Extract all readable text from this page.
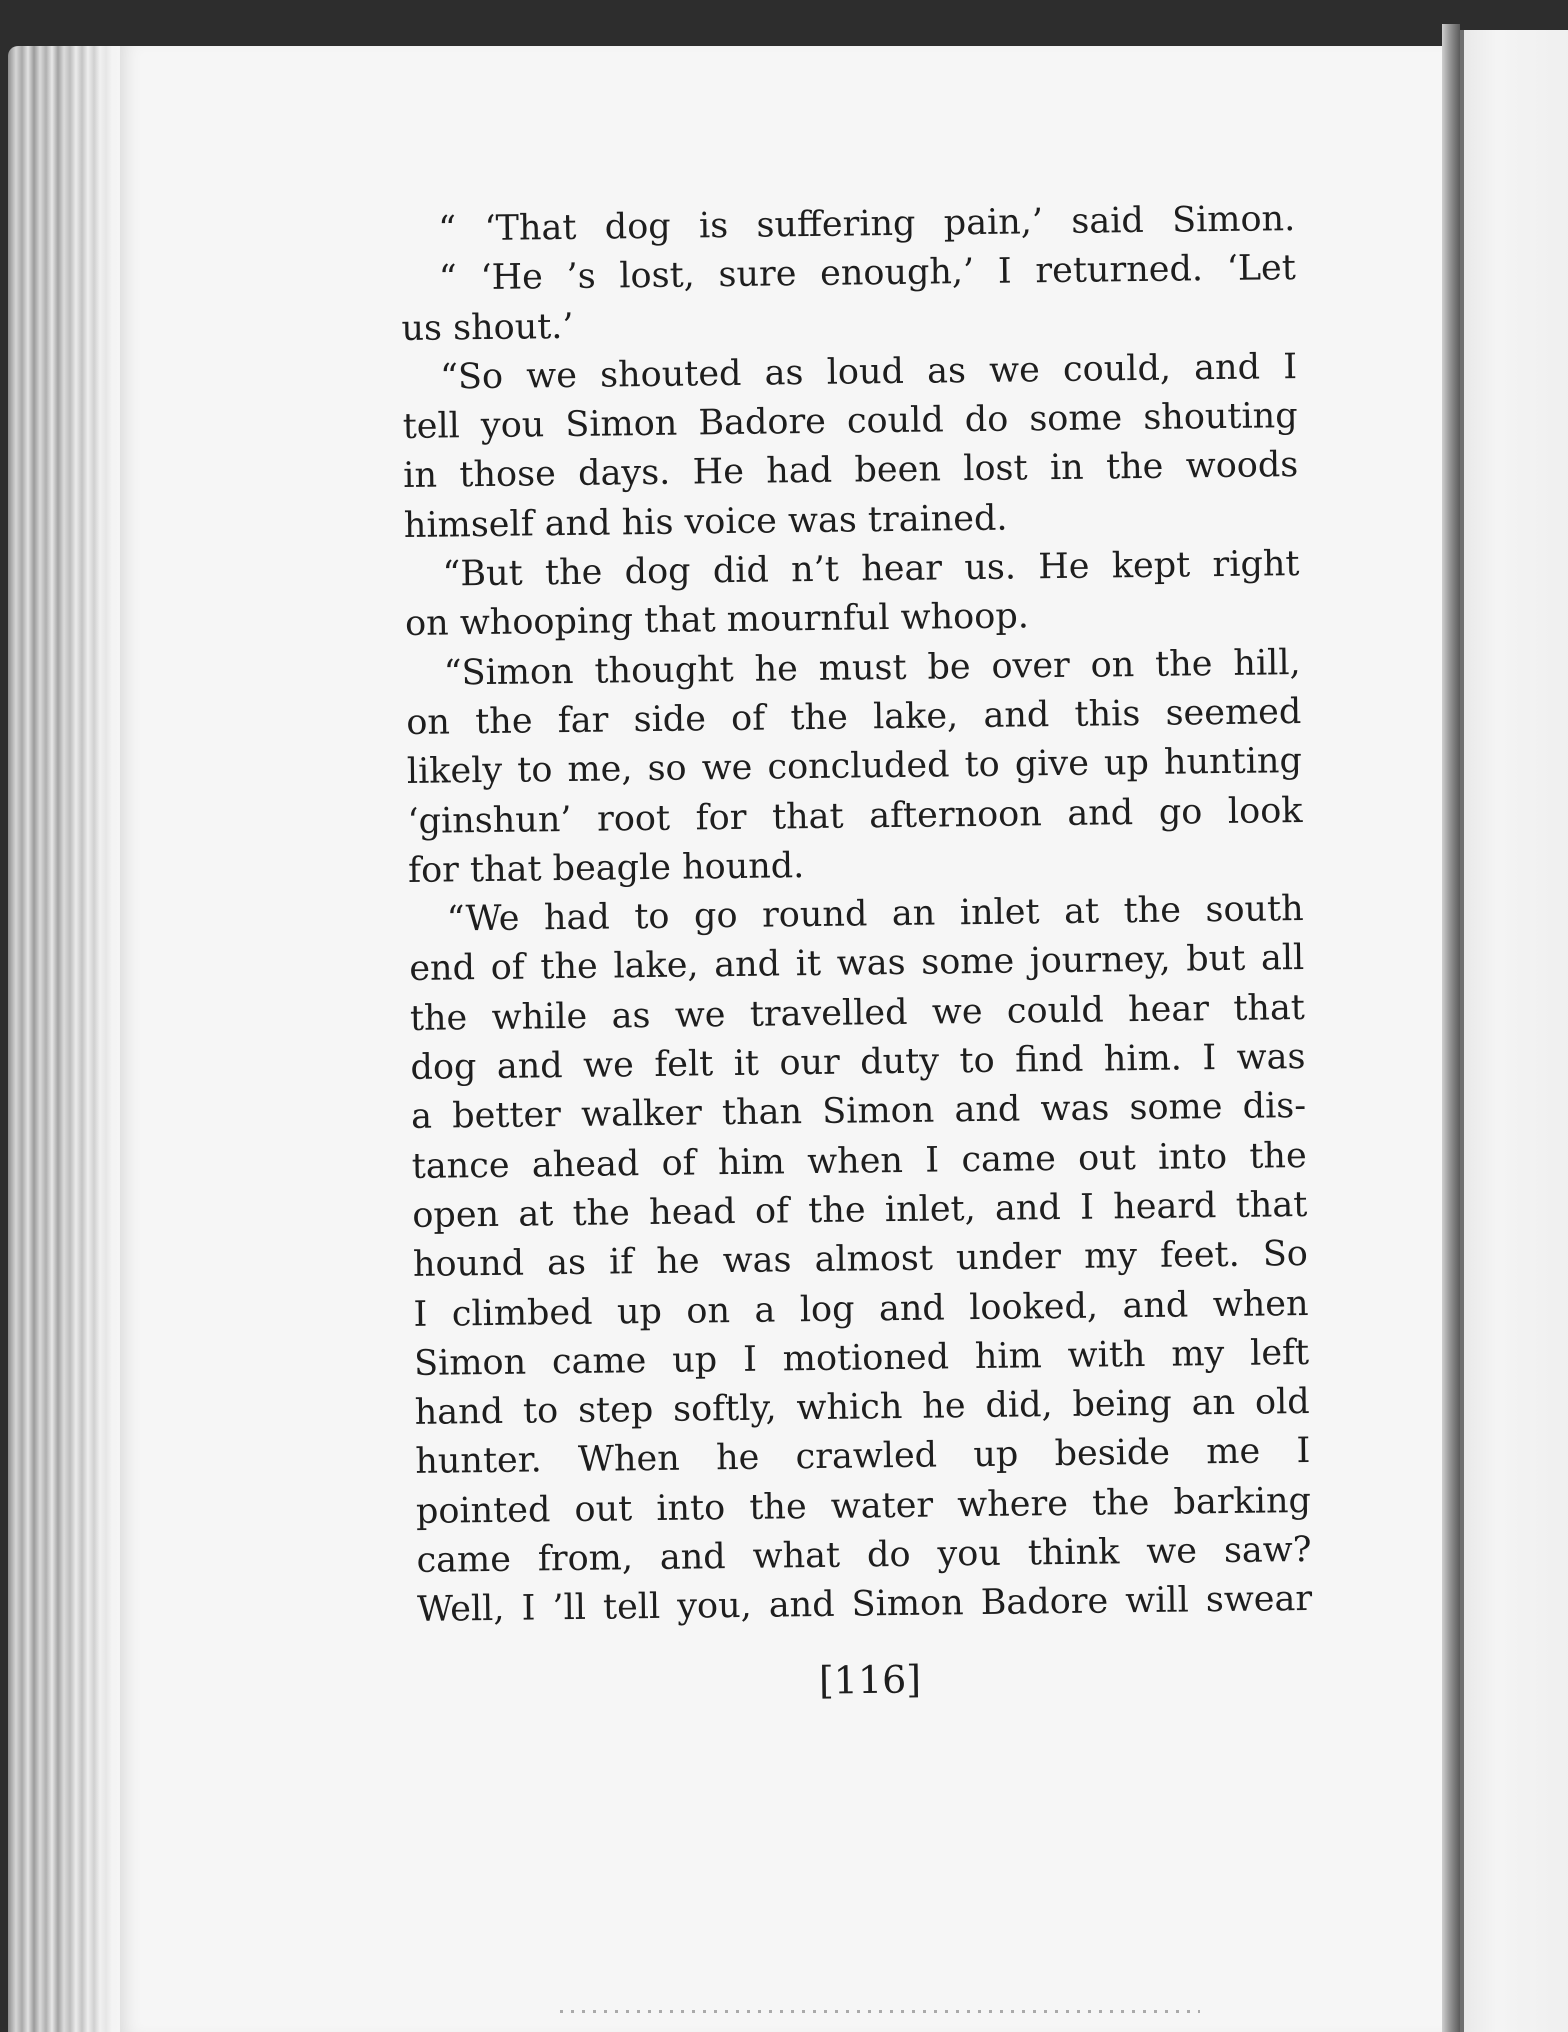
“ ‘That dog is suffering pain,’ said Simon.
“ ‘He ’s lost, sure enough,’ I returned. ‘Let
us shout.’
“So we shouted as loud as we could, and I
tell you Simon Badore could do some shouting
in those days. He had been lost in the woods
himself and his voice was trained.
“But the dog did n’t hear us. He kept right
on whooping that mournful whoop.
“Simon thought he must be over on the hill,
on the far side of the lake, and this seemed
likely to me, so we concluded to give up hunting
‘ginshun’ root for that afternoon and go look
for that beagle hound.
“We had to go round an inlet at the south
end of the lake, and it was some journey, but all
the while as we travelled we could hear that
dog and we felt it our duty to find him. I was
a better walker than Simon and was some dis-
tance ahead of him when I came out into the
open at the head of the inlet, and I heard that
hound as if he was almost under my feet. So
I climbed up on a log and looked, and when
Simon came up I motioned him with my left
hand to step softly, which he did, being an old
hunter. When he crawled up beside me I
pointed out into the water where the barking
came from, and what do you think we saw?
Well, I ’ll tell you, and Simon Badore will swear
[116]
